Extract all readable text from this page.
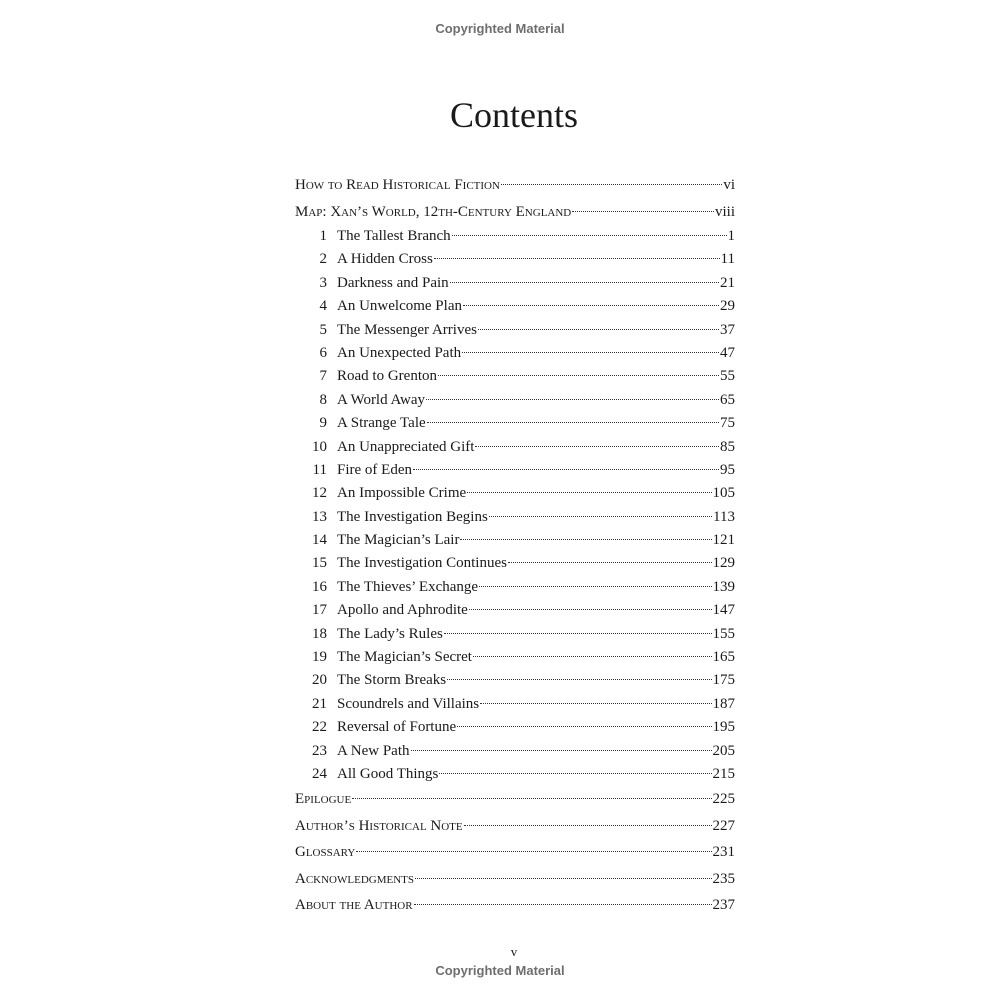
Copyrighted Material
Contents
How to Read Historical Fiction	vi
Map: Xan’s World, 12th-Century England	viii
1 The Tallest Branch	1
2 A Hidden Cross	11
3 Darkness and Pain	21
4 An Unwelcome Plan	29
5 The Messenger Arrives	37
6 An Unexpected Path	47
7 Road to Grenton	55
8 A World Away	65
9 A Strange Tale	75
10 An Unappreciated Gift	85
11 Fire of Eden	95
12 An Impossible Crime	105
13 The Investigation Begins	113
14 The Magician’s Lair	121
15 The Investigation Continues	129
16 The Thieves’ Exchange	139
17 Apollo and Aphrodite	147
18 The Lady’s Rules	155
19 The Magician’s Secret	165
20 The Storm Breaks	175
21 Scoundrels and Villains	187
22 Reversal of Fortune	195
23 A New Path	205
24 All Good Things	215
Epilogue	225
Author’s Historical Note	227
Glossary	231
Acknowledgments	235
About the Author	237
v
Copyrighted Material
